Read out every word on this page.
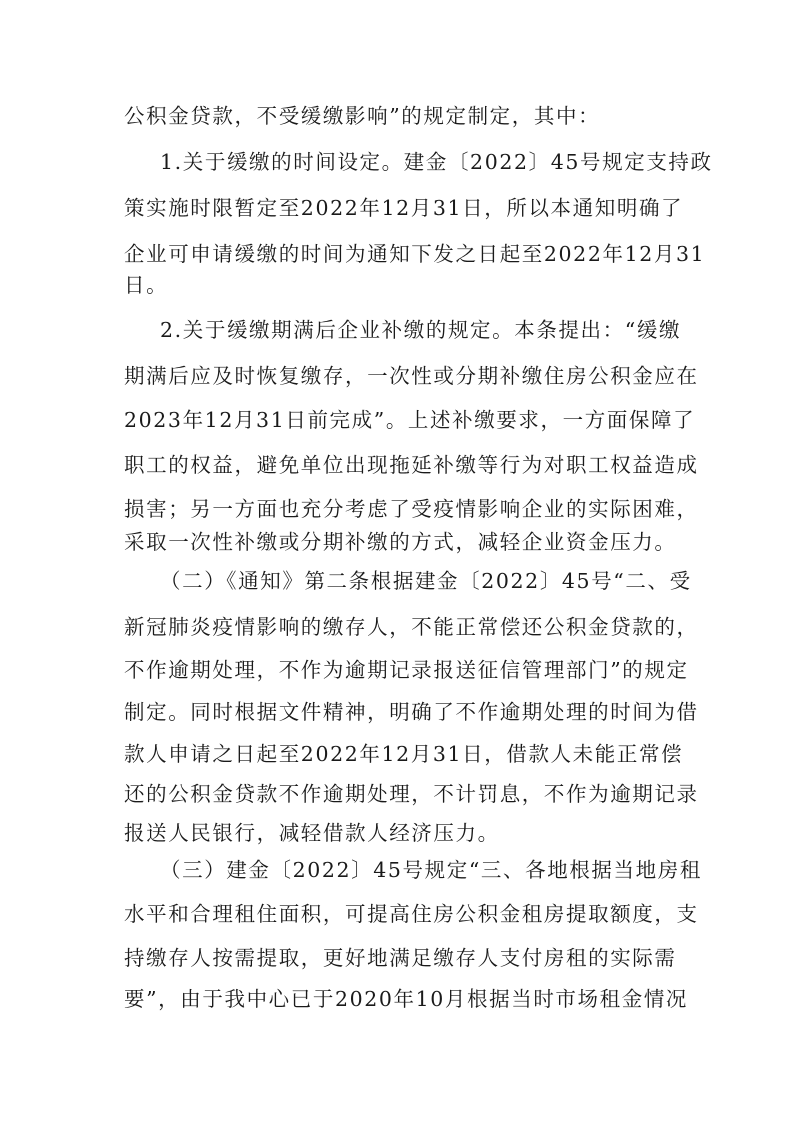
公积金贷款，不受缓缴影响”的规定制定，其中：
1.关于缓缴的时间设定。建金〔2022〕45号规定支持政
策实施时限暂定至2022年12月31日，所以本通知明确了
企业可申请缓缴的时间为通知下发之日起至2022年12月31
日。
2.关于缓缴期满后企业补缴的规定。本条提出：“缓缴
期满后应及时恢复缴存，一次性或分期补缴住房公积金应在
2023年12月31日前完成”。上述补缴要求，一方面保障了
职工的权益，避免单位出现拖延补缴等行为对职工权益造成
损害；另一方面也充分考虑了受疫情影响企业的实际困难，
采取一次性补缴或分期补缴的方式，减轻企业资金压力。
（二）《通知》第二条根据建金〔2022〕45号“二、受
新冠肺炎疫情影响的缴存人，不能正常偿还公积金贷款的，
不作逾期处理，不作为逾期记录报送征信管理部门”的规定
制定。同时根据文件精神，明确了不作逾期处理的时间为借
款人申请之日起至2022年12月31日，借款人未能正常偿
还的公积金贷款不作逾期处理，不计罚息，不作为逾期记录
报送人民银行，减轻借款人经济压力。
（三）建金〔2022〕45号规定“三、各地根据当地房租
水平和合理租住面积，可提高住房公积金租房提取额度，支
持缴存人按需提取，更好地满足缴存人支付房租的实际需
要”，由于我中心已于2020年10月根据当时市场租金情况
